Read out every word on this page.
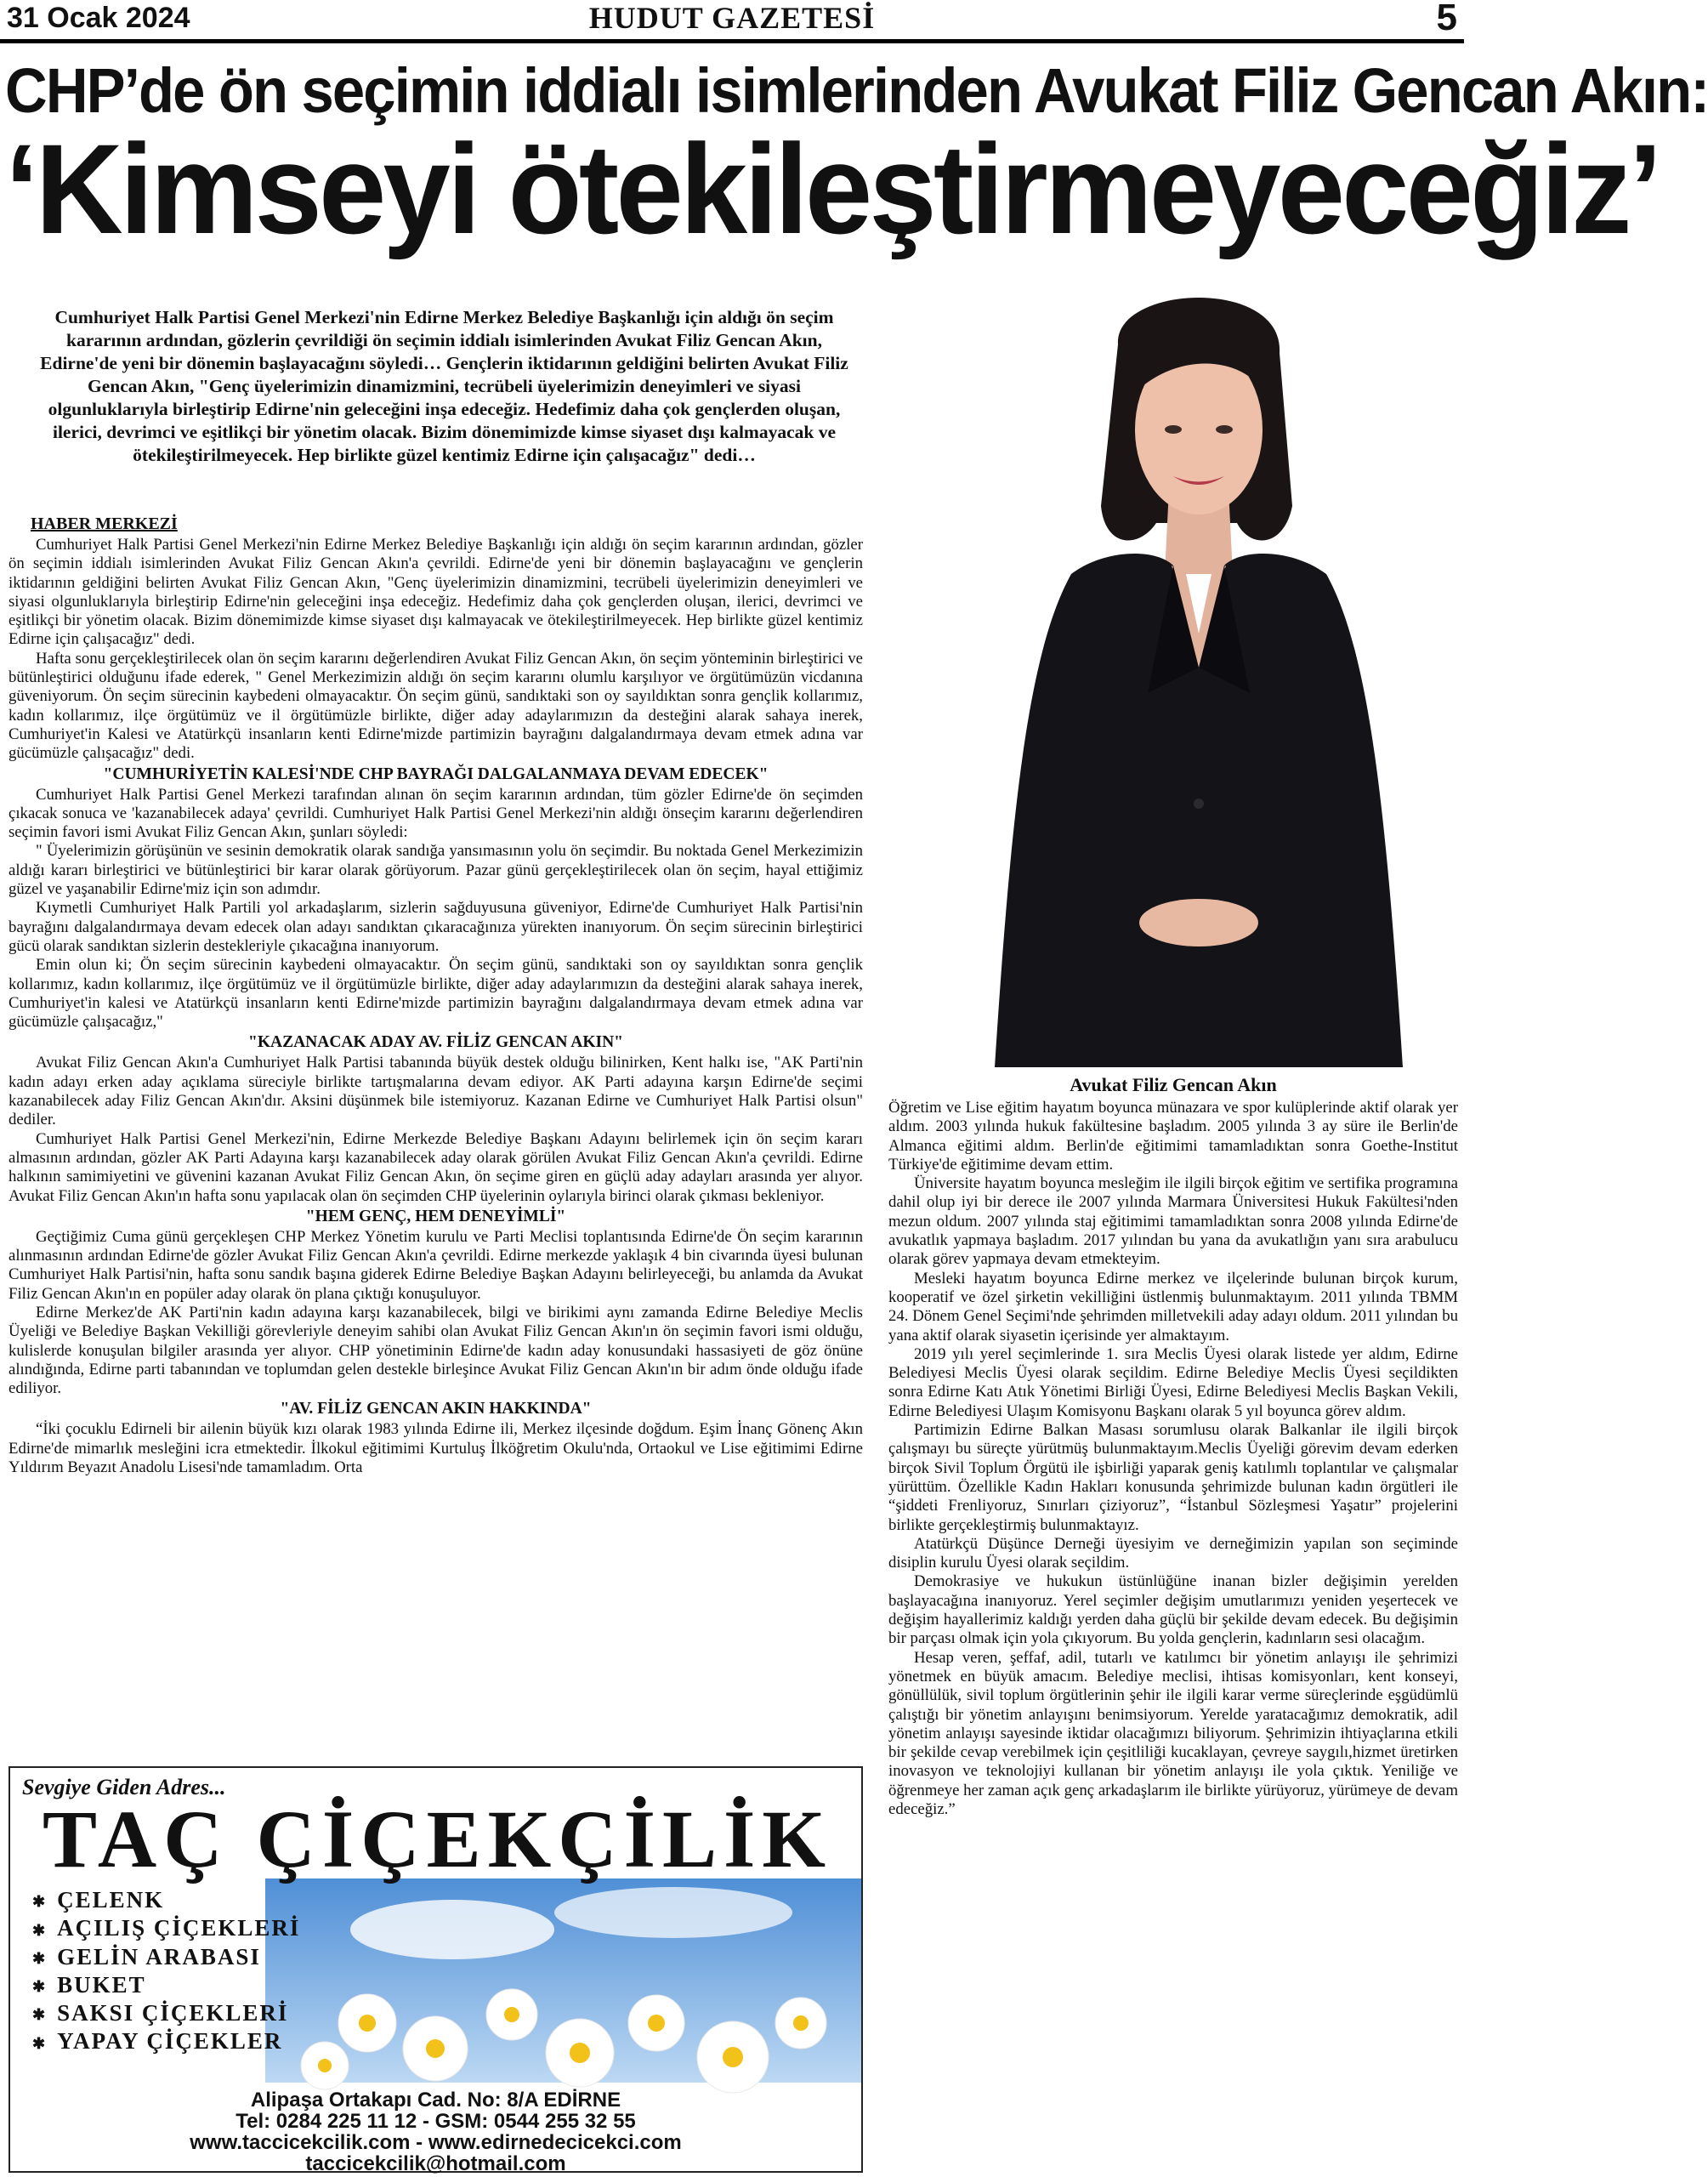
HUDUT GAZETESİ
31 Ocak 2024	5
CHP’de ön seçimin iddialı isimlerinden Avukat Filiz Gencan Akın:
‘Kimseyi ötekileştirmeyeceğiz’
Cumhuriyet Halk Partisi Genel Merkezi'nin Edirne Merkez Belediye Başkanlığı için aldığı ön seçim kararının ardından, gözlerin çevrildiği ön seçimin iddialı isimlerinden Avukat Filiz Gencan Akın, Edirne'de yeni bir dönemin başlayacağını söyledi… Gençlerin iktidarının geldiğini belirten Avukat Filiz Gencan Akın, "Genç üyelerimizin dinamizmini, tecrübeli üyelerimizin deneyimleri ve siyasi olgunluklarıyla birleştirip Edirne'nin geleceğini inşa edeceğiz. Hedefimiz daha çok gençlerden oluşan, ilerici, devrimci ve eşitlikçi bir yönetim olacak. Bizim dönemimizde kimse siyaset dışı kalmayacak ve ötekileştirilmeyecek. Hep birlikte güzel kentimiz Edirne için çalışacağız" dedi…
HABER MERKEZİ

Cumhuriyet Halk Partisi Genel Merkezi'nin Edirne Merkez Belediye Başkanlığı için aldığı ön seçim kararının ardından, gözler ön seçimin iddialı isimlerinden Avukat Filiz Gencan Akın'a çevrildi. Edirne'de yeni bir dönemin başlayacağını ve gençlerin iktidarının geldiğini belirten Avukat Filiz Gencan Akın, "Genç üyelerimizin dinamizmini, tecrübeli üyelerimizin deneyimleri ve siyasi olgunluklarıyla birleştirip Edirne'nin geleceğini inşa edeceğiz. Hedefimiz daha çok gençlerden oluşan, ilerici, devrimci ve eşitlikçi bir yönetim olacak. Bizim dönemimizde kimse siyaset dışı kalmayacak ve ötekileştirilmeyecek. Hep birlikte güzel kentimiz Edirne için çalışacağız" dedi.

Hafta sonu gerçekleştirilecek olan ön seçim kararını değerlendiren Avukat Filiz Gencan Akın, ön seçim yönteminin birleştirici ve bütünleştirici olduğunu ifade ederek, " Genel Merkezimizin aldığı ön seçim kararını olumlu karşılıyor ve örgütümüzün vicdanına güveniyorum. Ön seçim sürecinin kaybedeni olmayacaktır. Ön seçim günü, sandıktaki son oy sayıldıktan sonra gençlik kollarımız, kadın kollarımız, ilçe örgütümüz ve il örgütümüzle birlikte, diğer aday adaylarımızın da desteğini alarak sahaya inerek, Cumhuriyet'in Kalesi ve Atatürkçü insanların kenti Edirne'mizde partimizin bayrağını dalgalandırmaya devam etmek adına var gücümüzle çalışacağız" dedi.

"CUMHURİYETİN KALESİ'NDE CHP BAYRAĞI DALGALANMAYA DEVAM EDECEK"

Cumhuriyet Halk Partisi Genel Merkezi tarafından alınan ön seçim kararının ardından, tüm gözler Edirne'de ön seçimden çıkacak sonuca ve 'kazanabilecek adaya' çevrildi. Cumhuriyet Halk Partisi Genel Merkezi'nin aldığı önseçim kararını değerlendiren seçimin favori ismi Avukat Filiz Gencan Akın, şunları söyledi:

" Üyelerimizin görüşünün ve sesinin demokratik olarak sandığa yansımasının yolu ön seçimdir. Bu noktada Genel Merkezimizin aldığı kararı birleştirici ve bütünleştirici bir karar olarak görüyorum. Pazar günü gerçekleştirilecek olan ön seçim, hayal ettiğimiz güzel ve yaşanabilir Edirne'miz için son adımdır.

Kıymetli Cumhuriyet Halk Partili yol arkadaşlarım, sizlerin sağduyusuna güveniyor, Edirne'de Cumhuriyet Halk Partisi'nin bayrağını dalgalandırmaya devam edecek olan adayı sandıktan çıkaracağınıza yürekten inanıyorum. Ön seçim sürecinin birleştirici gücü olarak sandıktan sizlerin destekleriyle çıkacağına inanıyorum.

Emin olun ki; Ön seçim sürecinin kaybedeni olmayacaktır. Ön seçim günü, sandıktaki son oy sayıldıktan sonra gençlik kollarımız, kadın kollarımız, ilçe örgütümüz ve il örgütümüzle birlikte, diğer aday adaylarımızın da desteğini alarak sahaya inerek, Cumhuriyet'in kalesi ve Atatürkçü insanların kenti Edirne'mizde partimizin bayrağını dalgalandırmaya devam etmek adına var gücümüzle çalışacağız,"

"KAZANACAK ADAY AV. FİLİZ GENCAN AKIN"

Avukat Filiz Gencan Akın'a Cumhuriyet Halk Partisi tabanında büyük destek olduğu bilinirken, Kent halkı ise, "AK Parti'nin kadın adayı erken aday açıklama süreciyle birlikte tartışmalarına devam ediyor. AK Parti adayına karşın Edirne'de seçimi kazanabilecek aday Filiz Gencan Akın'dır. Aksini düşünmek bile istemiyoruz. Kazanan Edirne ve Cumhuriyet Halk Partisi olsun" dediler.

Cumhuriyet Halk Partisi Genel Merkezi'nin, Edirne Merkezde Belediye Başkanı Adayını belirlemek için ön seçim kararı almasının ardından, gözler AK Parti Adayına karşı kazanabilecek aday olarak görülen Avukat Filiz Gencan Akın'a çevrildi. Edirne halkının samimiyetini ve güvenini kazanan Avukat Filiz Gencan Akın, ön seçime giren en güçlü aday adayları arasında yer alıyor. Avukat Filiz Gencan Akın'ın hafta sonu yapılacak olan ön seçimden CHP üyelerinin oylarıyla birinci olarak çıkması bekleniyor.

"HEM GENÇ, HEM DENEYİMLİ"

Geçtiğimiz Cuma günü gerçekleşen CHP Merkez Yönetim kurulu ve Parti Meclisi toplantısında Edirne'de Ön seçim kararının alınmasının ardından Edirne'de gözler Avukat Filiz Gencan Akın'a çevrildi. Edirne merkezde yaklaşık 4 bin civarında üyesi bulunan Cumhuriyet Halk Partisi'nin, hafta sonu sandık başına giderek Edirne Belediye Başkan Adayını belirleyeceği, bu anlamda da Avukat Filiz Gencan Akın'ın en popüler aday olarak ön plana çıktığı konuşuluyor.

Edirne Merkez'de AK Parti'nin kadın adayına karşı kazanabilecek, bilgi ve birikimi aynı zamanda Edirne Belediye Meclis Üyeliği ve Belediye Başkan Vekilliği görevleriyle deneyim sahibi olan Avukat Filiz Gencan Akın'ın ön seçimin favori ismi olduğu, kulislerde konuşulan bilgiler arasında yer alıyor. CHP yönetiminin Edirne'de kadın aday konusundaki hassasiyeti de göz önüne alındığında, Edirne parti tabanından ve toplumdan gelen destekle birleşince Avukat Filiz Gencan Akın'ın bir adım önde olduğu ifade ediliyor.

"AV. FİLİZ GENCAN AKIN HAKKINDA"

“İki çocuklu Edirneli bir ailenin büyük kızı olarak 1983 yılında Edirne ili, Merkez ilçesinde doğdum. Eşim İnanç Gönenç Akın Edirne'de mimarlık mesleğini icra etmektedir. İlkokul eğitimimi Kurtuluş İlköğretim Okulu'nda, Ortaokul ve Lise eğitimimi Edirne Yıldırım Beyazıt Anadolu Lisesi'nde tamamladım. Orta

Avukat Filiz Gencan Akın

Öğretim ve Lise eğitim hayatım boyunca münazara ve spor kulüplerinde aktif olarak yer aldım. 2003 yılında hukuk fakültesine başladım. 2005 yılında 3 ay süre ile Berlin'de Almanca eğitimi aldım. Berlin'de eğitimimi tamamladıktan sonra Goethe-Institut Türkiye'de eğitimime devam ettim.

Üniversite hayatım boyunca mesleğim ile ilgili birçok eğitim ve sertifika programına dahil olup iyi bir derece ile 2007 yılında Marmara Üniversitesi Hukuk Fakültesi'nden mezun oldum. 2007 yılında staj eğitimimi tamamladıktan sonra 2008 yılında Edirne'de avukatlık yapmaya başladım. 2017 yılından bu yana da avukatlığın yanı sıra arabulucu olarak görev yapmaya devam etmekteyim.

Mesleki hayatım boyunca Edirne merkez ve ilçelerinde bulunan birçok kurum, kooperatif ve özel şirketin vekilliğini üstlenmiş bulunmaktayım. 2011 yılında TBMM 24. Dönem Genel Seçimi'nde şehrimden milletvekili aday adayı oldum. 2011 yılından bu yana aktif olarak siyasetin içerisinde yer almaktayım.

2019 yılı yerel seçimlerinde 1. sıra Meclis Üyesi olarak listede yer aldım, Edirne Belediyesi Meclis Üyesi olarak seçildim. Edirne Belediye Meclis Üyesi seçildikten sonra Edirne Katı Atık Yönetimi Birliği Üyesi, Edirne Belediyesi Meclis Başkan Vekili, Edirne Belediyesi Ulaşım Komisyonu Başkanı olarak 5 yıl boyunca görev aldım.

Partimizin Edirne Balkan Masası sorumlusu olarak Balkanlar ile ilgili birçok çalışmayı bu süreçte yürütmüş bulunmaktayım.Meclis Üyeliği görevim devam ederken birçok Sivil Toplum Örgütü ile işbirliği yaparak geniş katılımlı toplantılar ve çalışmalar yürüttüm. Özellikle Kadın Hakları konusunda şehrimizde bulunan kadın örgütleri ile “şiddeti Frenliyoruz, Sınırları çiziyoruz”, “İstanbul Sözleşmesi Yaşatır” projelerini birlikte gerçekleştirmiş bulunmaktayız.

Atatürkçü Düşünce Derneği üyesiyim ve derneğimizin yapılan son seçiminde disiplin kurulu Üyesi olarak seçildim.

Demokrasiye ve hukukun üstünlüğüne inanan bizler değişimin yerelden başlayacağına inanıyoruz. Yerel seçimler değişim umutlarımızı yeniden yeşertecek ve değişim hayallerimiz kaldığı yerden daha güçlü bir şekilde devam edecek. Bu değişimin bir parçası olmak için yola çıkıyorum. Bu yolda gençlerin, kadınların sesi olacağım.

Hesap veren, şeffaf, adil, tutarlı ve katılımcı bir yönetim anlayışı ile şehrimizi yönetmek en büyük amacım. Belediye meclisi, ihtisas komisyonları, kent konseyi, gönüllülük, sivil toplum örgütlerinin şehir ile ilgili karar verme süreçlerinde eşgüdümlü çalıştığı bir yönetim anlayışını benimsiyorum. Yerelde yaratacağımız demokratik, adil yönetim anlayışı sayesinde iktidar olacağımızı biliyorum. Şehrimizin ihtiyaçlarına etkili bir şekilde cevap verebilmek için çeşitliliği kucaklayan, çevreye saygılı,hizmet üretirken inovasyon ve teknolojiyi kullanan bir yönetim anlayışı ile yola çıktık. Yeniliğe ve öğrenmeye her zaman açık genç arkadaşlarım ile birlikte yürüyoruz, yürümeye de devam edeceğiz.”

Sevgiye Giden Adres...
TAÇ ÇİÇEKÇİLİK
✱ ÇELENK
✱ AÇILIŞ ÇİÇEKLERİ
✱ GELİN ARABASI
✱ BUKET
✱ SAKSI ÇİÇEKLERİ
✱ YAPAY ÇİÇEKLER
Alipaşa Ortakapı Cad. No: 8/A EDİRNE
Tel: 0284 225 11 12 - GSM: 0544 255 32 55
www.taccicekcilik.com - www.edirnedecicekci.com
taccicekcilik@hotmail.com
